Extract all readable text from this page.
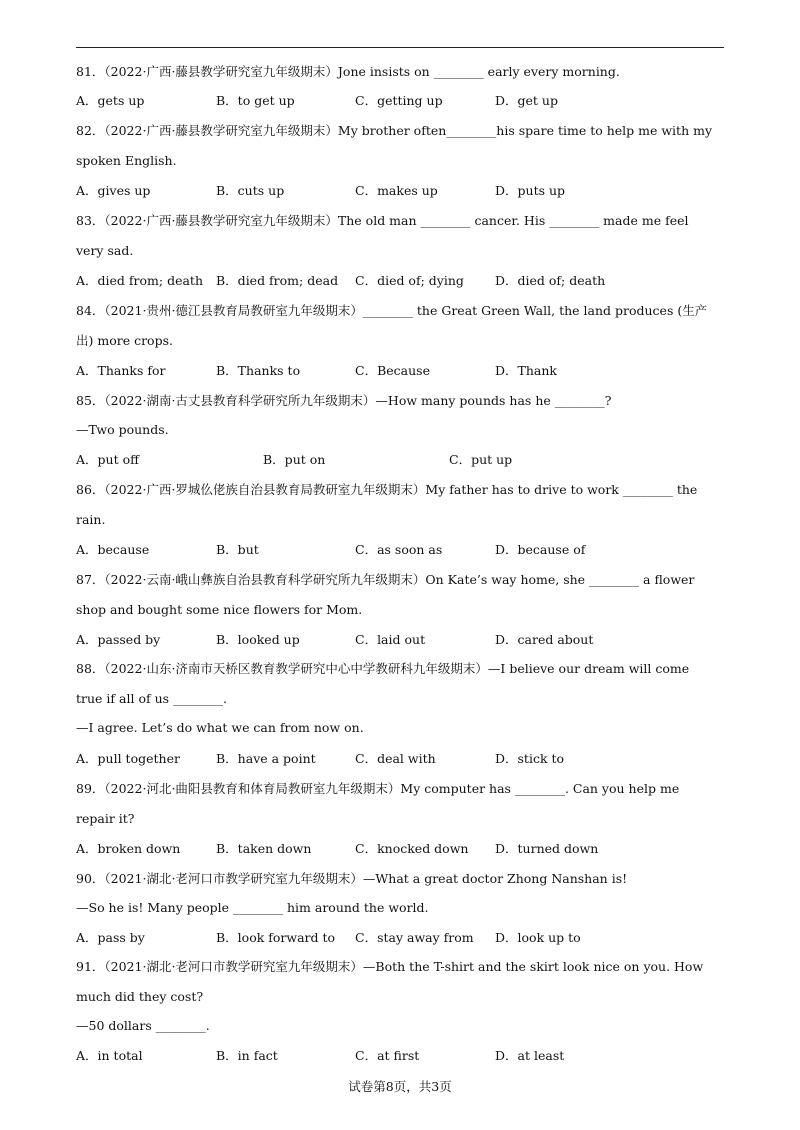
81．（2022·广西·藤县教学研究室九年级期末）Jone insists on ________ early every morning.
A．gets up	B．to get up	C．getting up	D．get up
82．（2022·广西·藤县教学研究室九年级期末）My brother often________his spare time to help me with my
spoken English.
A．gives up	B．cuts up	C．makes up	D．puts up
83．（2022·广西·藤县教学研究室九年级期末）The old man ________ cancer. His ________ made me feel
very sad.
A．died from; death B．died from; dead C．died of; dying D．died of; death
84．（2021·贵州·德江县教育局教研室九年级期末）________ the Great Green Wall, the land produces (生产
出) more crops.
A．Thanks for	B．Thanks to	C．Because	D．Thank
85．（2022·湖南·古丈县教育科学研究所九年级期末）—How many pounds has he ________?
—Two pounds.
A．put off	B．put on	C．put up
86．（2022·广西·罗城仫佬族自治县教育局教研室九年级期末）My father has to drive to work ________ the
rain.
A．because	B．but	C．as soon as	D．because of
87．（2022·云南·峨山彝族自治县教育科学研究所九年级期末）On Kate’s way home, she ________ a flower
shop and bought some nice flowers for Mom.
A．passed by	B．looked up	C．laid out	D．cared about
88．（2022·山东·济南市天桥区教育教学研究中心中学教研科九年级期末）—I believe our dream will come
true if all of us ________.
—I agree. Let’s do what we can from now on.
A．pull together	B．have a point	C．deal with	D．stick to
89．（2022·河北·曲阳县教育和体育局教研室九年级期末）My computer has ________. Can you help me
repair it?
A．broken down	B．taken down	C．knocked down D．turned down
90．（2021·湖北·老河口市教学研究室九年级期末）—What a great doctor Zhong Nanshan is!
—So he is! Many people ________ him around the world.
A．pass by	B．look forward to C．stay away from D．look up to
91．（2021·湖北·老河口市教学研究室九年级期末）—Both the T-shirt and the skirt look nice on you. How
much did they cost?
—50 dollars ________.
A．in total	B．in fact	C．at first	D．at least
试卷第8页，共3页
